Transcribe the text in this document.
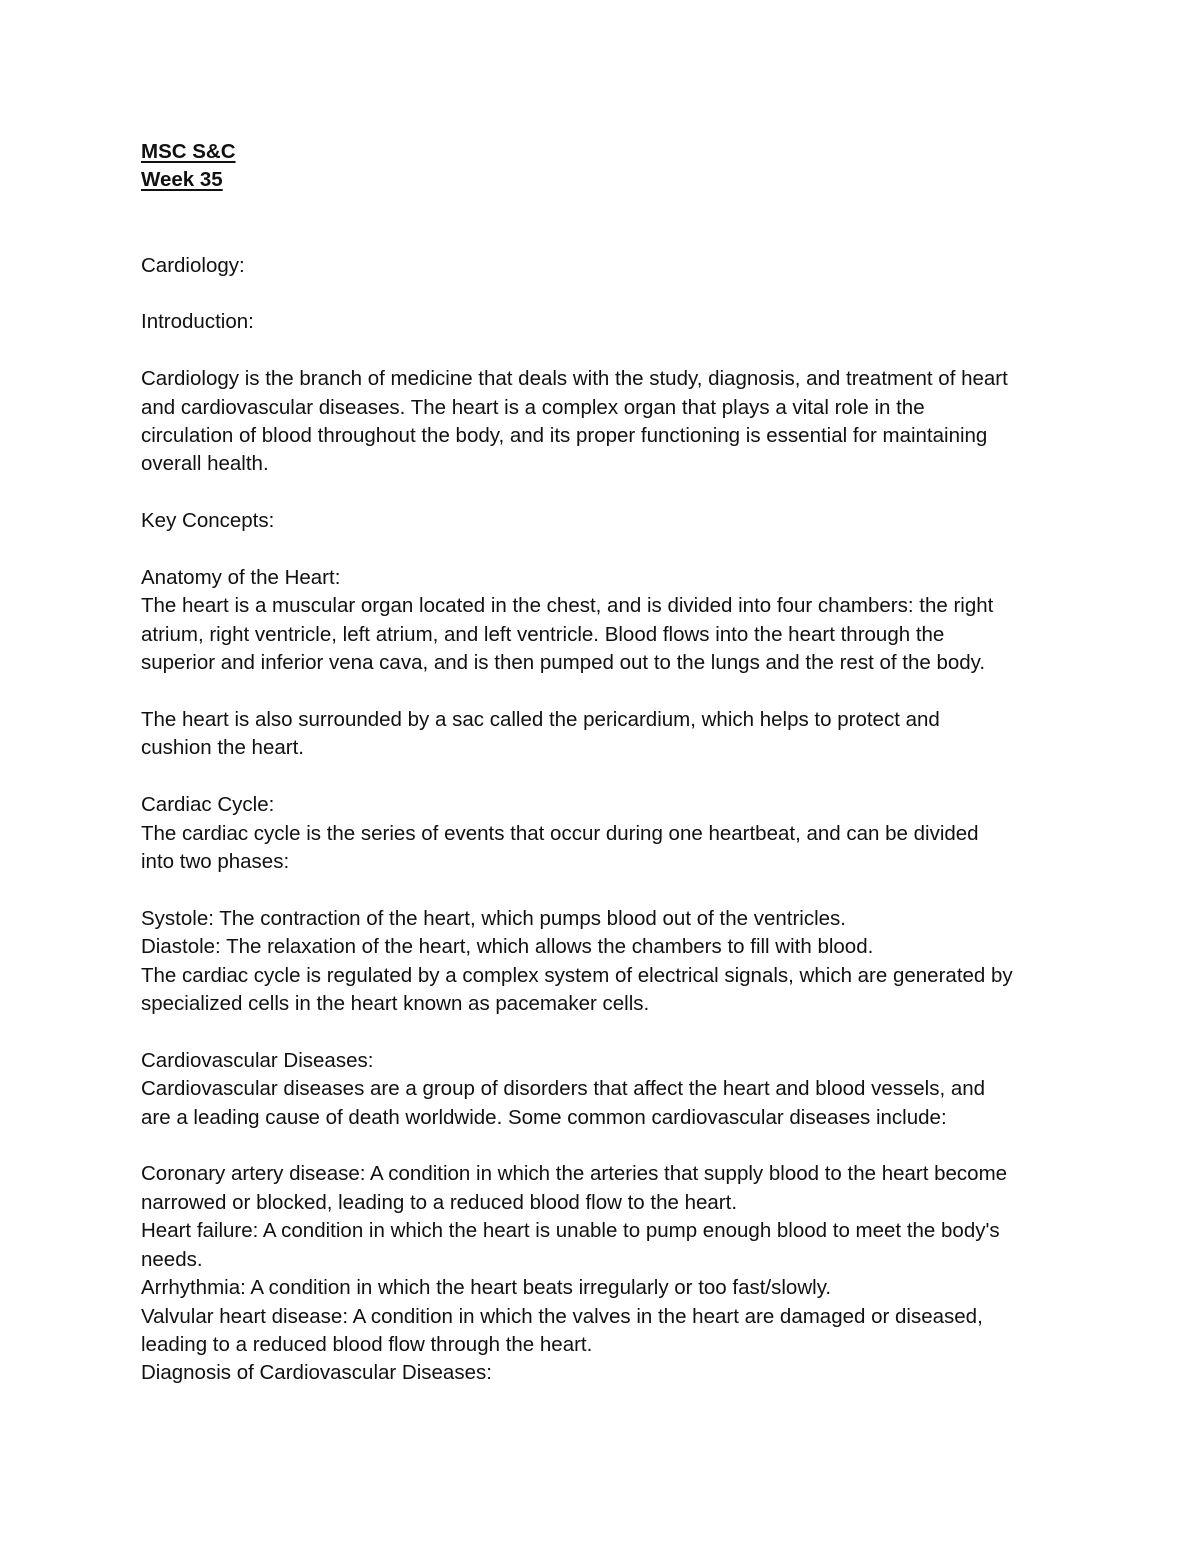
MSC S&C

Week 35

Cardiology:

Introduction:

Cardiology is the branch of medicine that deals with the study, diagnosis, and treatment of heart

and cardiovascular diseases. The heart is a complex organ that plays a vital role in the

circulation of blood throughout the body, and its proper functioning is essential for maintaining

overall health.

Key Concepts:

Anatomy of the Heart:

The heart is a muscular organ located in the chest, and is divided into four chambers: the right

atrium, right ventricle, left atrium, and left ventricle. Blood flows into the heart through the

superior and inferior vena cava, and is then pumped out to the lungs and the rest of the body.

The heart is also surrounded by a sac called the pericardium, which helps to protect and

cushion the heart.

Cardiac Cycle:

The cardiac cycle is the series of events that occur during one heartbeat, and can be divided

into two phases:

Systole: The contraction of the heart, which pumps blood out of the ventricles.

Diastole: The relaxation of the heart, which allows the chambers to fill with blood.

The cardiac cycle is regulated by a complex system of electrical signals, which are generated by

specialized cells in the heart known as pacemaker cells.

Cardiovascular Diseases:

Cardiovascular diseases are a group of disorders that affect the heart and blood vessels, and

are a leading cause of death worldwide. Some common cardiovascular diseases include:

Coronary artery disease: A condition in which the arteries that supply blood to the heart become

narrowed or blocked, leading to a reduced blood flow to the heart.

Heart failure: A condition in which the heart is unable to pump enough blood to meet the body's

needs.

Arrhythmia: A condition in which the heart beats irregularly or too fast/slowly.

Valvular heart disease: A condition in which the valves in the heart are damaged or diseased,

leading to a reduced blood flow through the heart.

Diagnosis of Cardiovascular Diseases:
